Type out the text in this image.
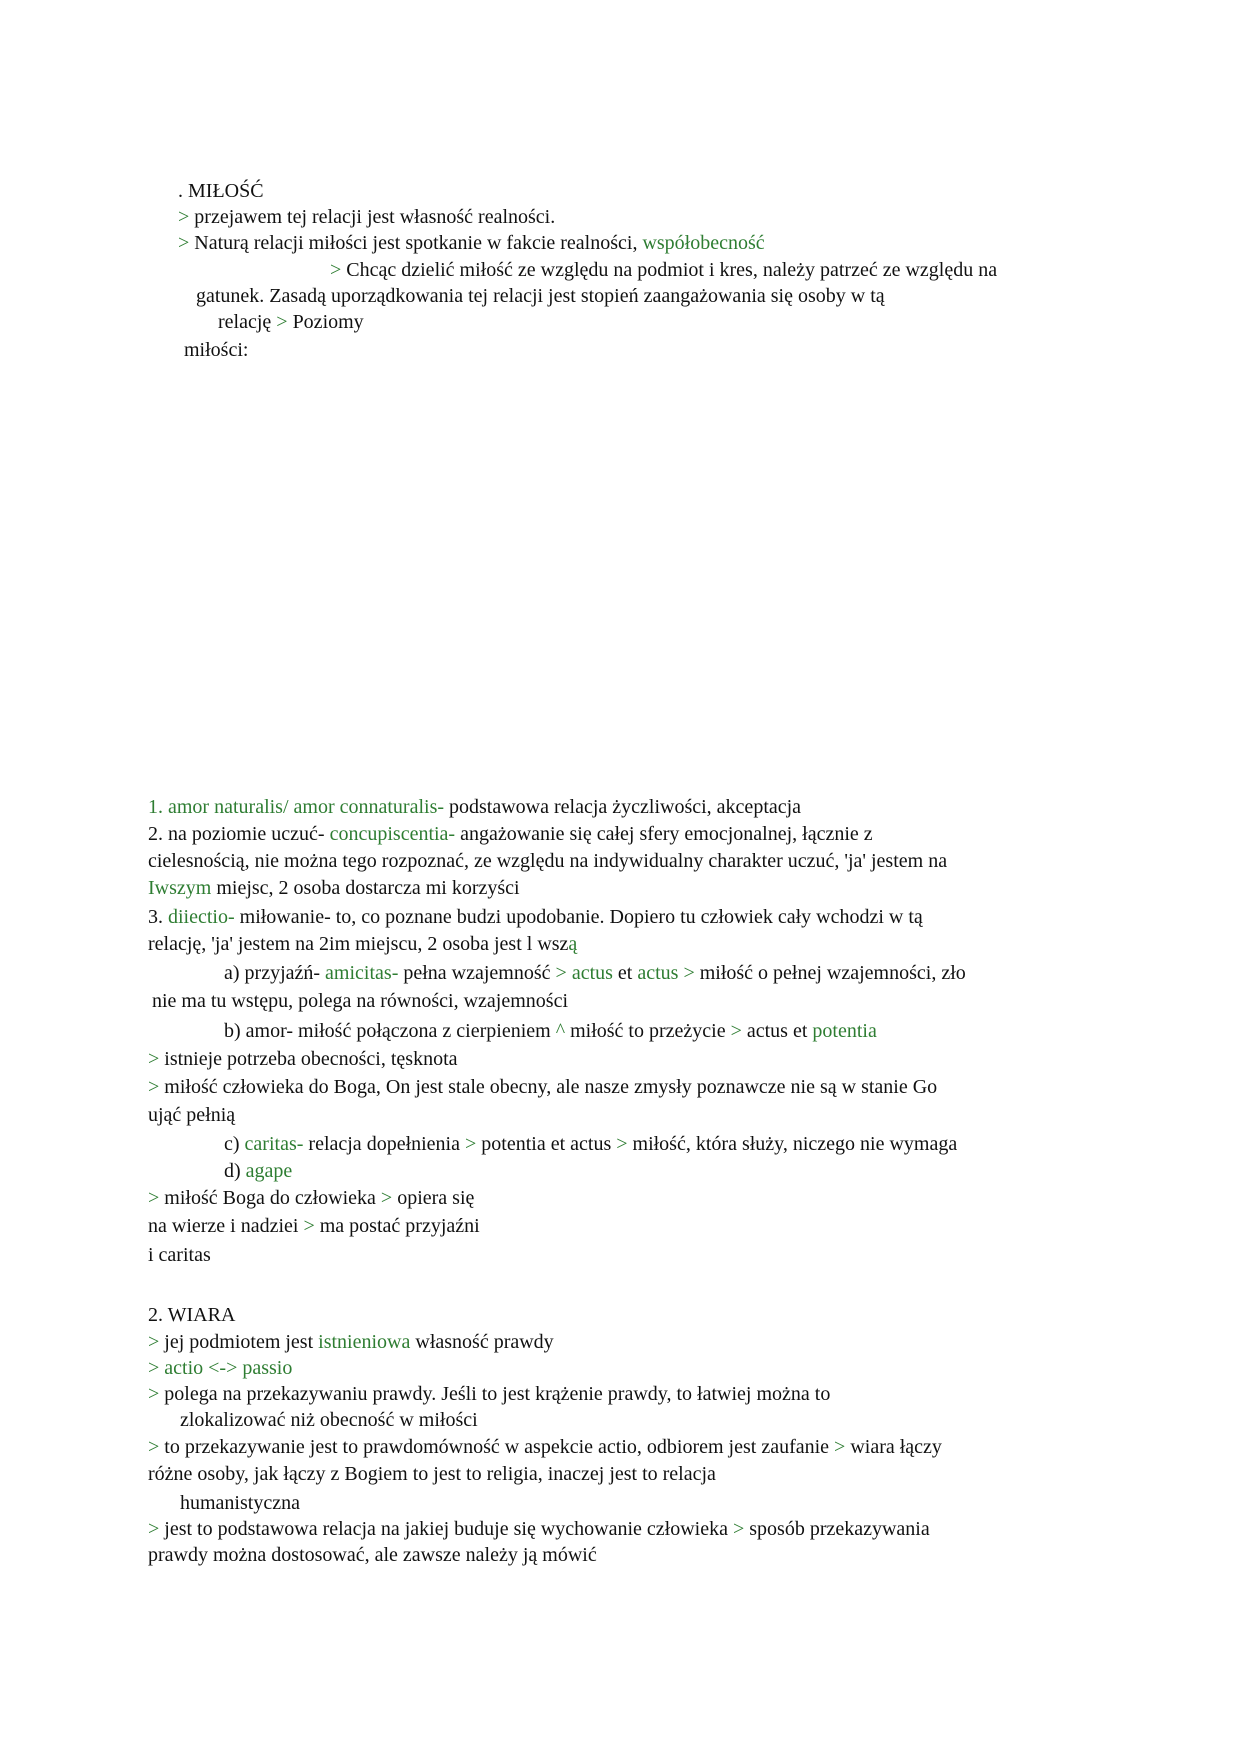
. MIŁOŚĆ
> przejawem tej relacji jest własność realności.
> Naturą relacji miłości jest spotkanie w fakcie realności, współobecność
> Chcąc dzielić miłość ze względu na podmiot i kres, należy patrzeć ze względu na
gatunek. Zasadą uporządkowania tej relacji jest stopień zaangażowania się osoby w tą
relację > Poziomy
miłości:
1. amor naturalis/ amor connaturalis- podstawowa relacja życzliwości, akceptacja
2. na poziomie uczuć- concupiscentia- angażowanie się całej sfery emocjonalnej, łącznie z
cielesnością, nie można tego rozpoznać, ze względu na indywidualny charakter uczuć, 'ja' jestem na
Iwszym miejsc, 2 osoba dostarcza mi korzyści
3. diiectio- miłowanie- to, co poznane budzi upodobanie. Dopiero tu człowiek cały wchodzi w tą
relację, 'ja' jestem na 2im miejscu, 2 osoba jest l wszą
a) przyjaźń- amicitas- pełna wzajemność > actus et actus > miłość o pełnej wzajemności, zło
nie ma tu wstępu, polega na równości, wzajemności
b) amor- miłość połączona z cierpieniem ^ miłość to przeżycie > actus et potentia
> istnieje potrzeba obecności, tęsknota
> miłość człowieka do Boga, On jest stale obecny, ale nasze zmysły poznawcze nie są w stanie Go
ująć pełnią
c) caritas- relacja dopełnienia > potentia et actus > miłość, która służy, niczego nie wymaga
d) agape
> miłość Boga do człowieka > opiera się
na wierze i nadziei > ma postać przyjaźni
i caritas
2. WIARA
> jej podmiotem jest istnieniowa własność prawdy
> actio <-> passio
> polega na przekazywaniu prawdy. Jeśli to jest krążenie prawdy, to łatwiej można to
zlokalizować niż obecność w miłości
> to przekazywanie jest to prawdomówność w aspekcie actio, odbiorem jest zaufanie > wiara łączy
różne osoby, jak łączy z Bogiem to jest to religia, inaczej jest to relacja
humanistyczna
> jest to podstawowa relacja na jakiej buduje się wychowanie człowieka > sposób przekazywania
prawdy można dostosować, ale zawsze należy ją mówić
